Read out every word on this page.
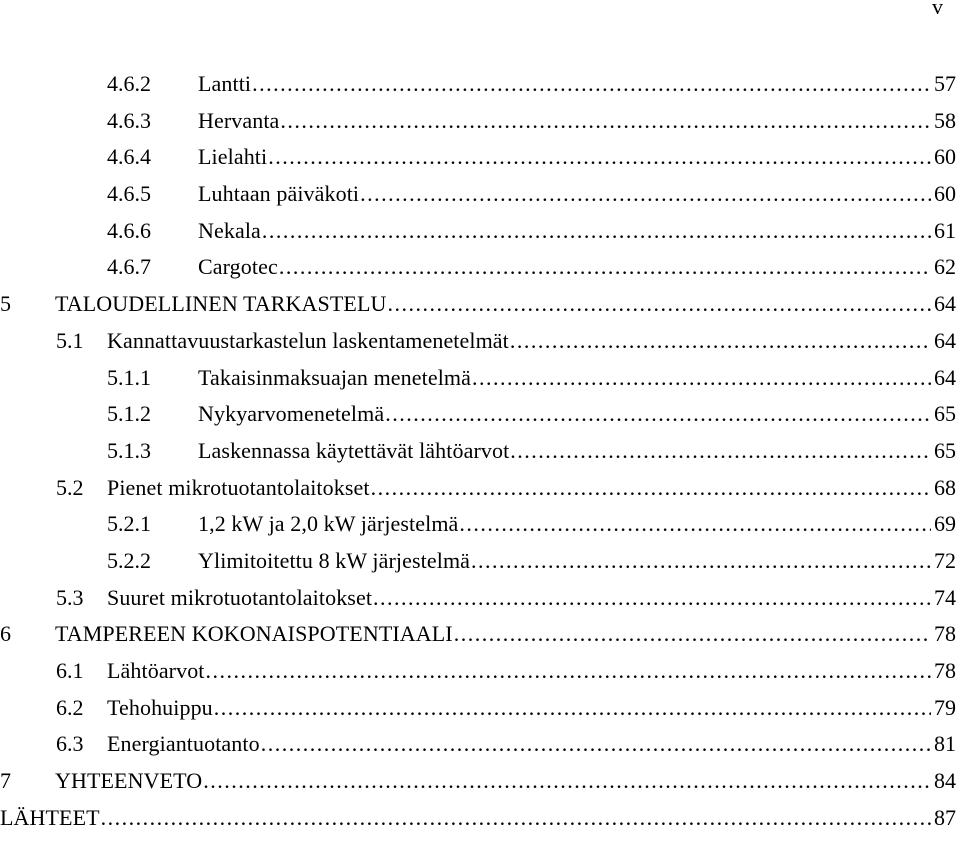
v
4.6.2	Lantti .....	57
4.6.3	Hervanta .....	58
4.6.4	Lielahti .....	60
4.6.5	Luhtaan päiväkoti .....	60
4.6.6	Nekala .....	61
4.6.7	Cargotec .....	62
5	TALOUDELLINEN TARKASTELU .....	64
5.1	Kannattavuustarkastelun laskentamenetelmät .....	64
5.1.1	Takaisinmaksuajan menetelmä .....	64
5.1.2	Nykyarvomenetelmä .....	65
5.1.3	Laskennassa käytettävät lähtöarvot .....	65
5.2	Pienet mikrotuotantolaitokset .....	68
5.2.1	1,2 kW ja 2,0 kW järjestelmä .....	69
5.2.2	Ylimitoitettu 8 kW järjestelmä .....	72
5.3	Suuret mikrotuotantolaitokset .....	74
6	TAMPEREEN KOKONAISPOTENTIAALI .....	78
6.1	Lähtöarvot .....	78
6.2	Tehohuippu .....	79
6.3	Energiantuotanto .....	81
7	YHTEENVETO .....	84
LÄHTEET .....	87
